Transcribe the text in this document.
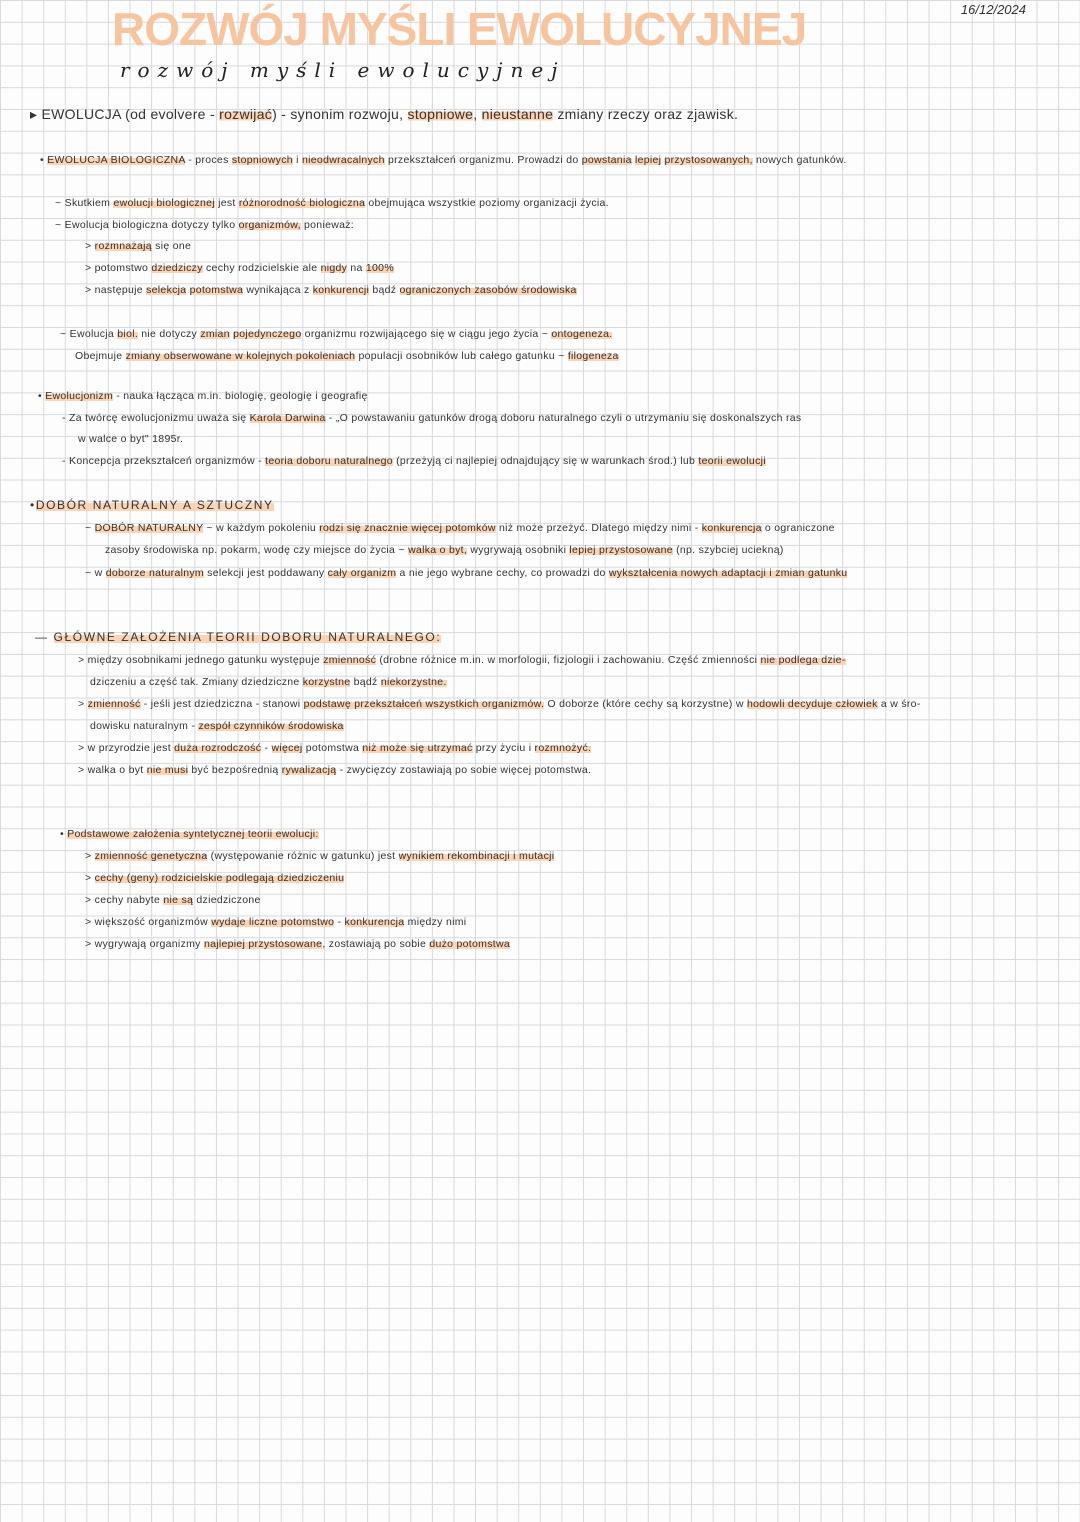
ROZWÓJ MYŚLI EWOLUCYJNEJ
rozwój myśli ewolucyjnej
16/12/2024
▸ EWOLUCJA (od evolvere - rozwijać) - synonim rozwoju, stopniowe, nieustanne zmiany rzeczy oraz zjawisk.
• EWOLUCJA BIOLOGICZNA - proces stopniowych i nieodwracalnych przekształceń organizmu. Prowadzi do powstania lepiej przystosowanych, nowych gatunków.
~ Skutkiem ewolucji biologicznej jest różnorodność biologiczna obejmująca wszystkie poziomy organizacji życia.
~ Ewolucja biologiczna dotyczy tylko organizmów, ponieważ:
> rozmnażają się one
> potomstwo dziedziczy cechy rodzicielskie ale nigdy na 100%
> następuje selekcja potomstwa wynikająca z konkurencji bądź ograniczonych zasobów środowiska
~ Ewolucja biol. nie dotyczy zmian pojedynczego organizmu rozwijającego się w ciągu jego życia ~ ontogeneza.
Obejmuje zmiany obserwowane w kolejnych pokoleniach populacji osobników lub całego gatunku ~ filogeneza
• Ewolucjonizm - nauka łącząca m.in. biologię, geologię i geografię
- Za twórcę ewolucjonizmu uważa się Karola Darwina - „O powstawaniu gatunków drogą doboru naturalnego czyli o utrzymaniu się doskonalszych ras
w walce o byt" 1895r.
- Koncepcja przekształceń organizmów - teoria doboru naturalnego (przeżyją ci najlepiej odnajdujący się w warunkach środ.) lub teorii ewolucji
•DOBÓR NATURALNY A SZTUCZNY
~ DOBÓR NATURALNY ~ w każdym pokoleniu rodzi się znacznie więcej potomków niż może przeżyć. Dlatego między nimi - konkurencja o ograniczone
zasoby środowiska np. pokarm, wodę czy miejsce do życia ~ walka o byt, wygrywają osobniki lepiej przystosowane (np. szybciej uciekną)
~ w doborze naturalnym selekcji jest poddawany cały organizm a nie jego wybrane cechy, co prowadzi do wykształcenia nowych adaptacji i zmian gatunku
— GŁÓWNE ZAŁOŻENIA TEORII DOBORU NATURALNEGO:
> między osobnikami jednego gatunku występuje zmienność (drobne różnice m.in. w morfologii, fizjologii i zachowaniu. Część zmienności nie podlega dzie-
dziczeniu a część tak. Zmiany dziedziczne korzystne bądź niekorzystne.
> zmienność - jeśli jest dziedziczna - stanowi podstawę przekształceń wszystkich organizmów. O doborze (które cechy są korzystne) w hodowli decyduje człowiek a w śro-
dowisku naturalnym - zespół czynników środowiska
> w przyrodzie jest duża rozrodczość - więcej potomstwa niż może się utrzymać przy życiu i rozmnożyć.
> walka o byt nie musi być bezpośrednią rywalizacją - zwycięzcy zostawiają po sobie więcej potomstwa.
• Podstawowe założenia syntetycznej teorii ewolucji:
> zmienność genetyczna (występowanie różnic w gatunku) jest wynikiem rekombinacji i mutacji
> cechy (geny) rodzicielskie podlegają dziedziczeniu
> cechy nabyte nie są dziedziczone
> większość organizmów wydaje liczne potomstwo - konkurencja między nimi
> wygrywają organizmy najlepiej przystosowane, zostawiają po sobie dużo potomstwa
